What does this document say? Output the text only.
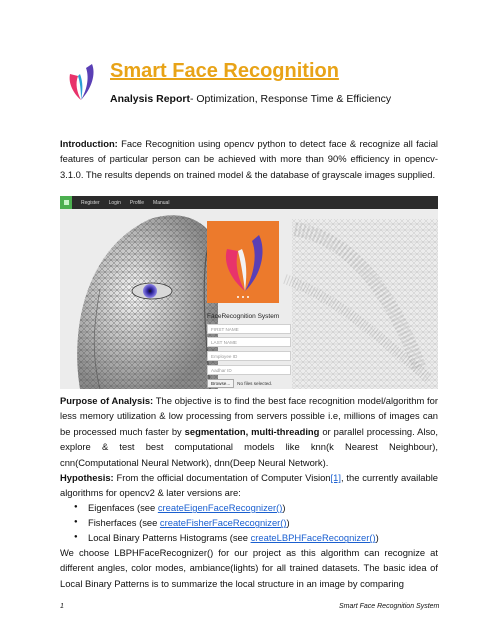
Smart Face Recognition
Analysis Report- Optimization, Response Time & Efficiency

Introduction: Face Recognition using opencv python to detect face & recognize all facial features of particular person can be achieved with more than 90% efficiency in opencv-3.1.0. The results depends on trained model & the database of grayscale images supplied.

Register Login Profile Manual
FaceRecognition System
FIRST NAME
LAST NAME
Employee ID
Aadhar ID
Browse...	No files selected.

Purpose of Analysis: The objective is to find the best face recognition model/algorithm for less memory utilization & low processing from servers possible i.e, millions of images can be processed much faster by segmentation, multi-threading or parallel processing. Also, explore & test best computational models like knn(k Nearest Neighbour), cnn(Computational Neural Network), dnn(Deep Neural Network).

Hypothesis: From the official documentation of Computer Vision[1], the currently available algorithms for opencv2 & later versions are:

● Eigenfaces (see createEigenFaceRecognizer())
● Fisherfaces (see createFisherFaceRecognizer())
● Local Binary Patterns Histograms (see createLBPHFaceRecognizer())

We choose LBPHFaceRecognizer() for our project as this algorithm can recognize at different angles, color modes, ambiance(lights) for all trained datasets. The basic idea of Local Binary Patterns is to summarize the local structure in an image by comparing

1	Smart Face Recognition System
